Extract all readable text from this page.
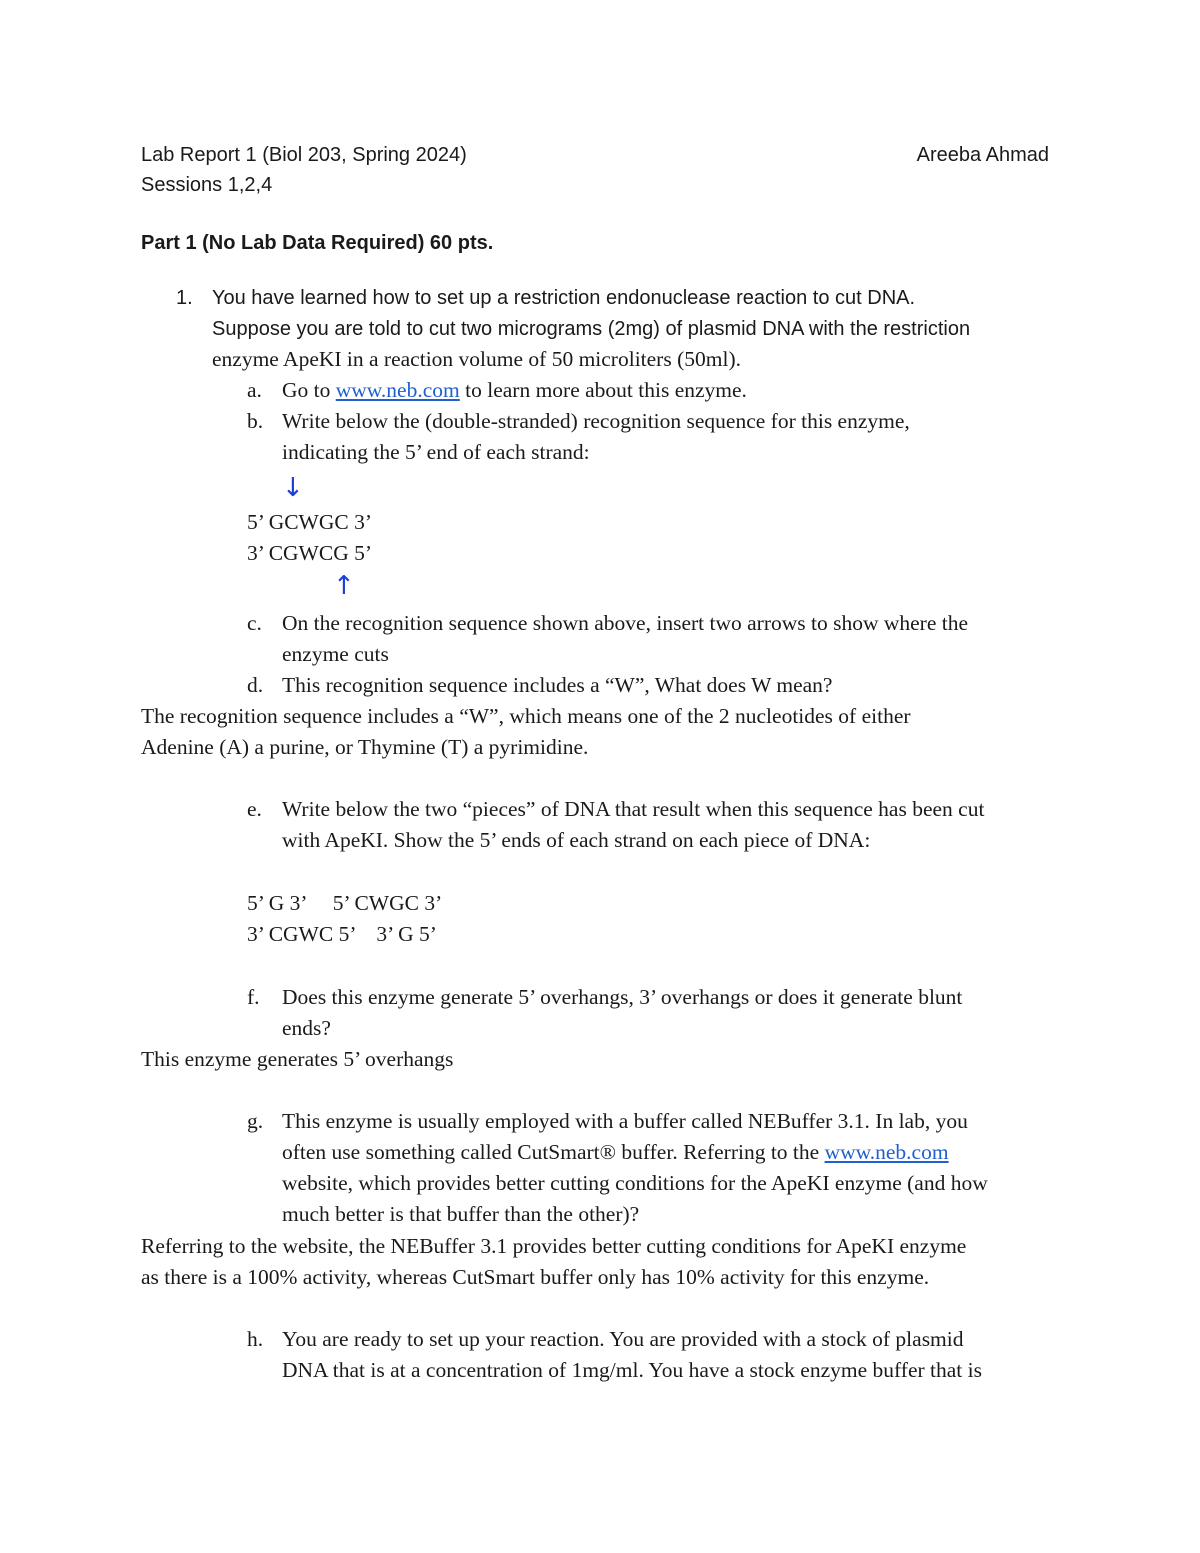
Lab Report 1 (Biol 203, Spring 2024)	Areeba Ahmad
Sessions 1,2,4
Part 1 (No Lab Data Required) 60 pts.
1. You have learned how to set up a restriction endonuclease reaction to cut DNA.
Suppose you are told to cut two micrograms (2mg) of plasmid DNA with the restriction
enzyme ApeKI in a reaction volume of 50 microliters (50ml).
a. Go to www.neb.com to learn more about this enzyme.
b. Write below the (double-stranded) recognition sequence for this enzyme,
indicating the 5’ end of each strand:
↓
5’ GCWGC 3’
3’ CGWCG 5’
↑
c. On the recognition sequence shown above, insert two arrows to show where the
enzyme cuts
d. This recognition sequence includes a “W”, What does W mean?
The recognition sequence includes a “W”, which means one of the 2 nucleotides of either
Adenine (A) a purine, or Thymine (T) a pyrimidine.
e. Write below the two “pieces” of DNA that result when this sequence has been cut
with ApeKI. Show the 5’ ends of each strand on each piece of DNA:
5’ G 3’     5’ CWGC 3’
3’ CGWC 5’    3’ G 5’
f. Does this enzyme generate 5’ overhangs, 3’ overhangs or does it generate blunt
ends?
This enzyme generates 5’ overhangs
g. This enzyme is usually employed with a buffer called NEBuffer 3.1. In lab, you
often use something called CutSmart® buffer. Referring to the www.neb.com
website, which provides better cutting conditions for the ApeKI enzyme (and how
much better is that buffer than the other)?
Referring to the website, the NEBuffer 3.1 provides better cutting conditions for ApeKI enzyme
as there is a 100% activity, whereas CutSmart buffer only has 10% activity for this enzyme.
h. You are ready to set up your reaction. You are provided with a stock of plasmid
DNA that is at a concentration of 1mg/ml. You have a stock enzyme buffer that is
